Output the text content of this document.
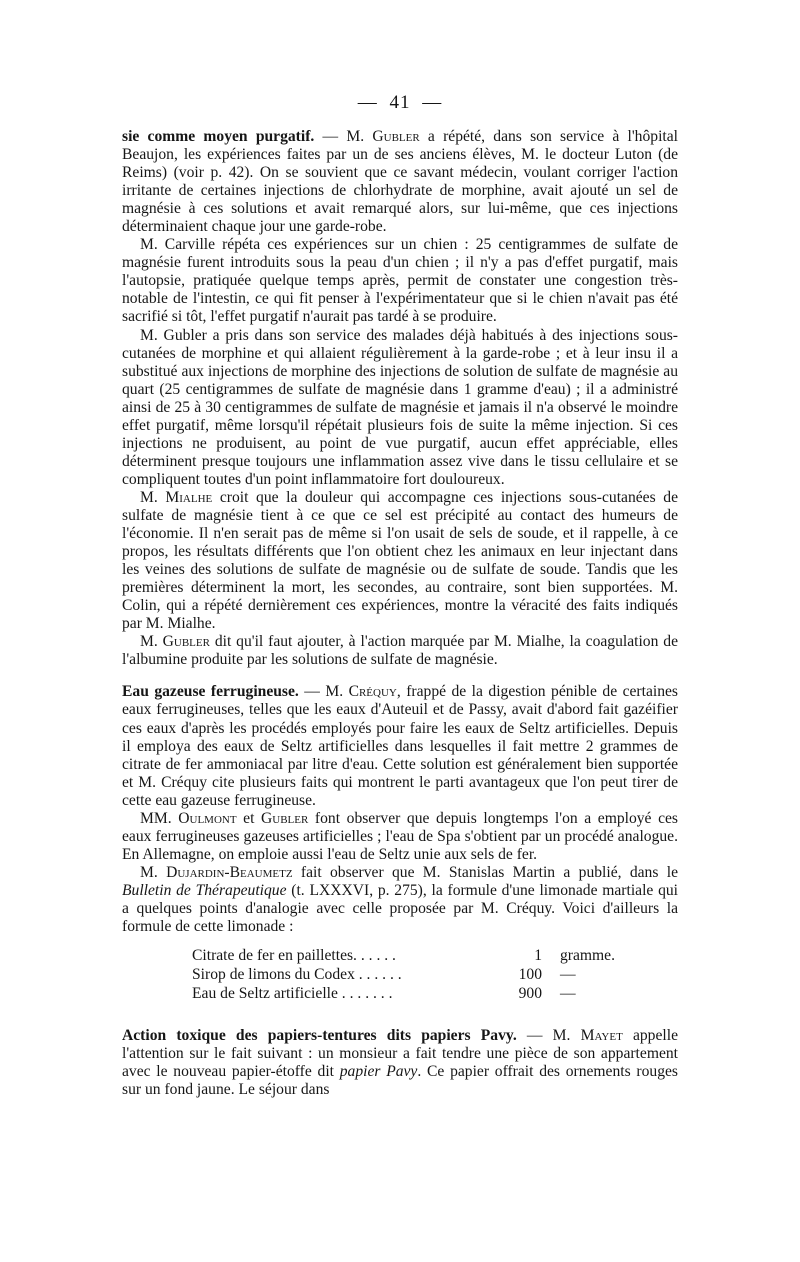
— 41 —

sie comme moyen purgatif. — M. Gubler a répété, dans son service à l'hôpital Beaujon, les expériences faites par un de ses anciens élèves, M. le docteur Luton (de Reims) (voir p. 42). On se souvient que ce savant médecin, voulant corriger l'action irritante de certaines injections de chlorhydrate de morphine, avait ajouté un sel de magnésie à ces solutions et avait remarqué alors, sur lui-même, que ces injections déterminaient chaque jour une garde-robe.

M. Carville répéta ces expériences sur un chien : 25 centigrammes de sulfate de magnésie furent introduits sous la peau d'un chien ; il n'y a pas d'effet purgatif, mais l'autopsie, pratiquée quelque temps après, permit de constater une congestion très-notable de l'intestin, ce qui fit penser à l'expérimentateur que si le chien n'avait pas été sacrifié si tôt, l'effet purgatif n'aurait pas tardé à se produire.

M. Gubler a pris dans son service des malades déjà habitués à des injections sous-cutanées de morphine et qui allaient régulièrement à la garde-robe ; et à leur insu il a substitué aux injections de morphine des injections de solution de sulfate de magnésie au quart (25 centigrammes de sulfate de magnésie dans 1 gramme d'eau) ; il a administré ainsi de 25 à 30 centigrammes de sulfate de magnésie et jamais il n'a observé le moindre effet purgatif, même lorsqu'il répétait plusieurs fois de suite la même injection. Si ces injections ne produisent, au point de vue purgatif, aucun effet appréciable, elles déterminent presque toujours une inflammation assez vive dans le tissu cellulaire et se compliquent toutes d'un point inflammatoire fort douloureux.

M. Mialhe croit que la douleur qui accompagne ces injections sous-cutanées de sulfate de magnésie tient à ce que ce sel est précipité au contact des humeurs de l'économie. Il n'en serait pas de même si l'on usait de sels de soude, et il rappelle, à ce propos, les résultats différents que l'on obtient chez les animaux en leur injectant dans les veines des solutions de sulfate de magnésie ou de sulfate de soude. Tandis que les premières déterminent la mort, les secondes, au contraire, sont bien supportées. M. Colin, qui a répété dernièrement ces expériences, montre la véracité des faits indiqués par M. Mialhe.

M. Gubler dit qu'il faut ajouter, à l'action marquée par M. Mialhe, la coagulation de l'albumine produite par les solutions de sulfate de magnésie.

Eau gazeuse ferrugineuse. — M. Créquy, frappé de la digestion pénible de certaines eaux ferrugineuses, telles que les eaux d'Auteuil et de Passy, avait d'abord fait gazéifier ces eaux d'après les procédés employés pour faire les eaux de Seltz artificielles. Depuis il employa des eaux de Seltz artificielles dans lesquelles il fait mettre 2 grammes de citrate de fer ammoniacal par litre d'eau. Cette solution est généralement bien supportée et M. Créquy cite plusieurs faits qui montrent le parti avantageux que l'on peut tirer de cette eau gazeuse ferrugineuse.

MM. Oulmont et Gubler font observer que depuis longtemps l'on a employé ces eaux ferrugineuses gazeuses artificielles ; l'eau de Spa s'obtient par un procédé analogue. En Allemagne, on emploie aussi l'eau de Seltz unie aux sels de fer.

M. Dujardin-Beaumetz fait observer que M. Stanislas Martin a publié, dans le Bulletin de Thérapeutique (t. LXXXVI, p. 275), la formule d'une limonade martiale qui a quelques points d'analogie avec celle proposée par M. Créquy. Voici d'ailleurs la formule de cette limonade :

Citrate de fer en paillettes. . . . . .	1 gramme.
Sirop de limons du Codex . . . . . .	100 —
Eau de Seltz artificielle . . . . . . .	900 —

Action toxique des papiers-tentures dits papiers Pavy. — M. Mayet appelle l'attention sur le fait suivant : un monsieur a fait tendre une pièce de son appartement avec le nouveau papier-étoffe dit papier Pavy. Ce papier offrait des ornements rouges sur un fond jaune. Le séjour dans
